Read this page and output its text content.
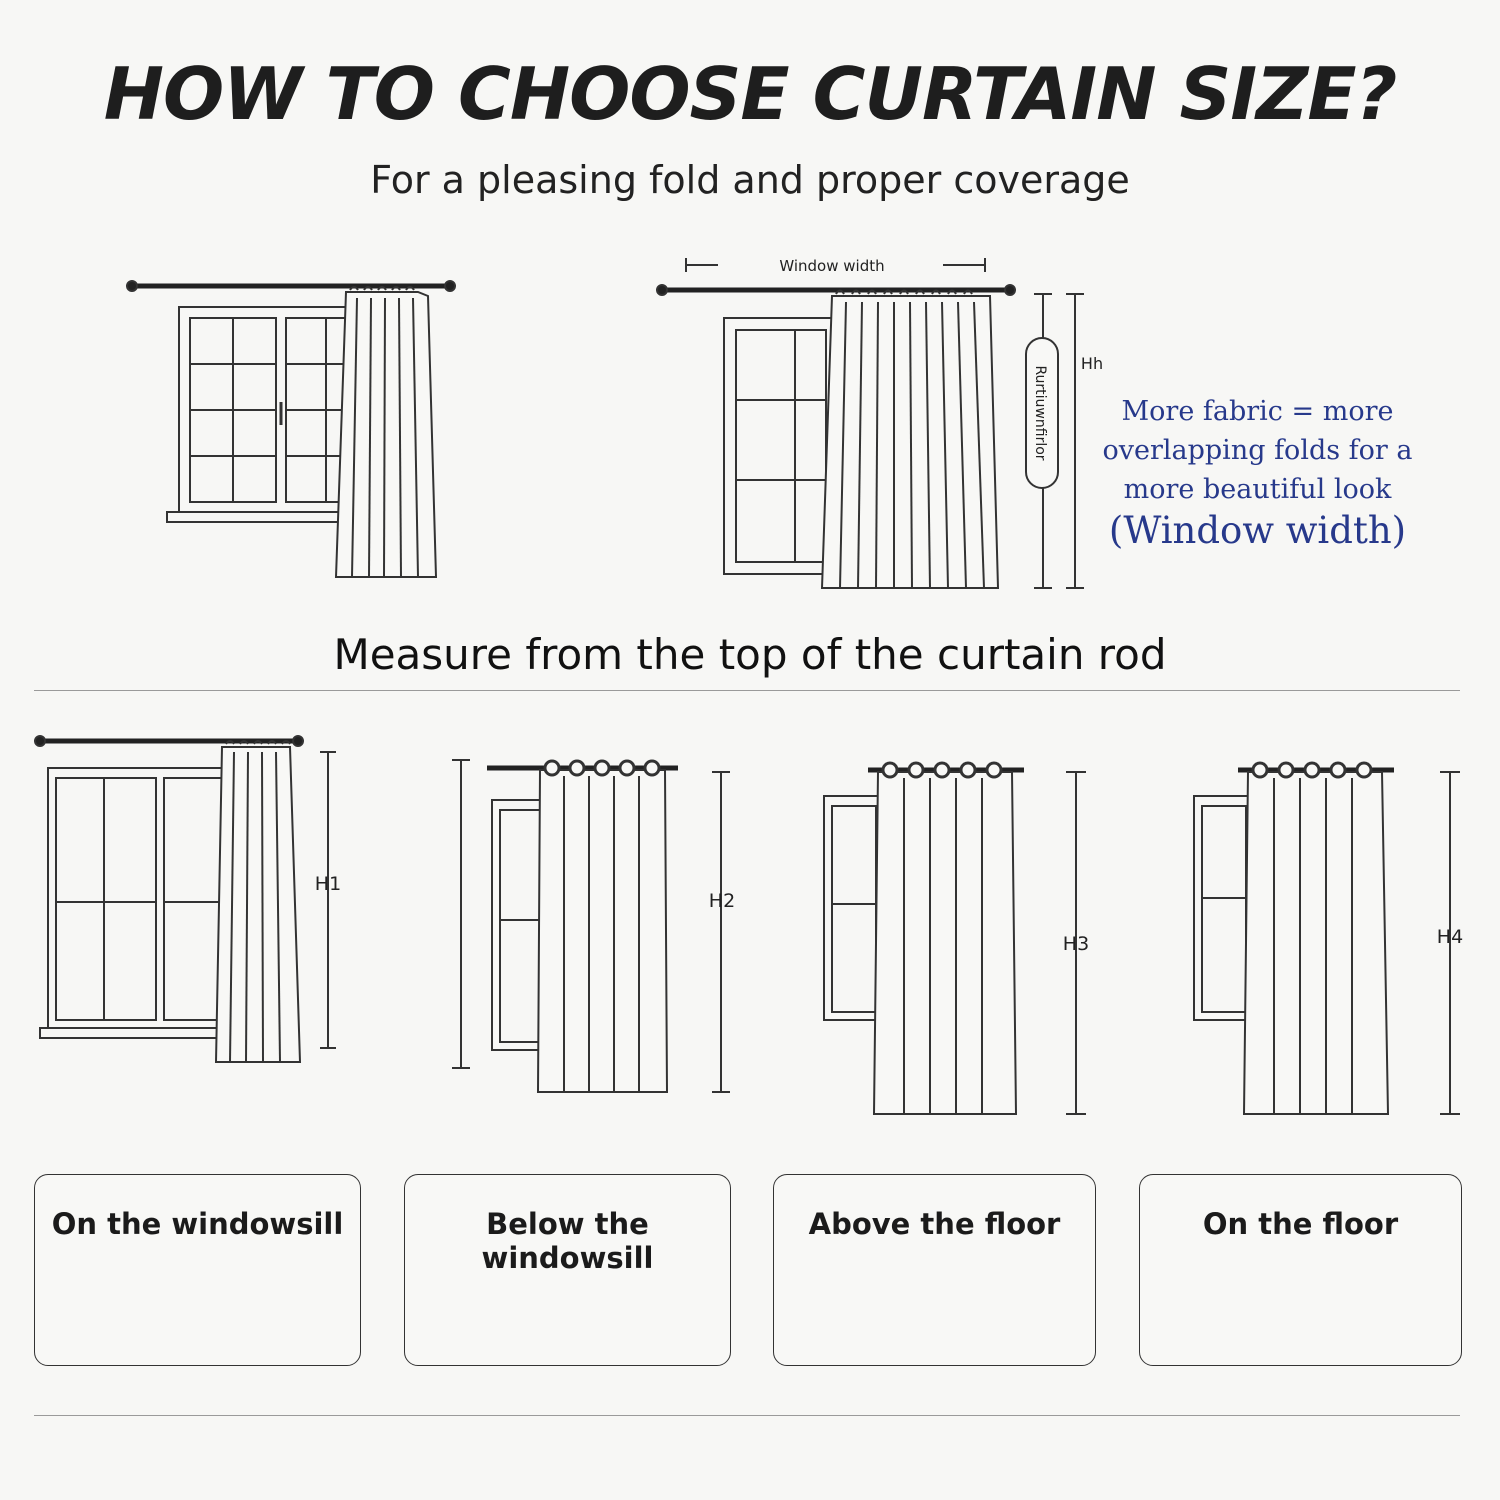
HOW TO CHOOSE CURTAIN SIZE?
For a pleasing fold and proper coverage
Window width
Rurtiuwnfirlor
Hh
H1
H2
H3	H4
More fabric = more
overlapping folds for a
more beautiful look
(Window width)
Measure from the top of the curtain rod
On the windowsill	Below the windowsill
Above the floor	On the floor
